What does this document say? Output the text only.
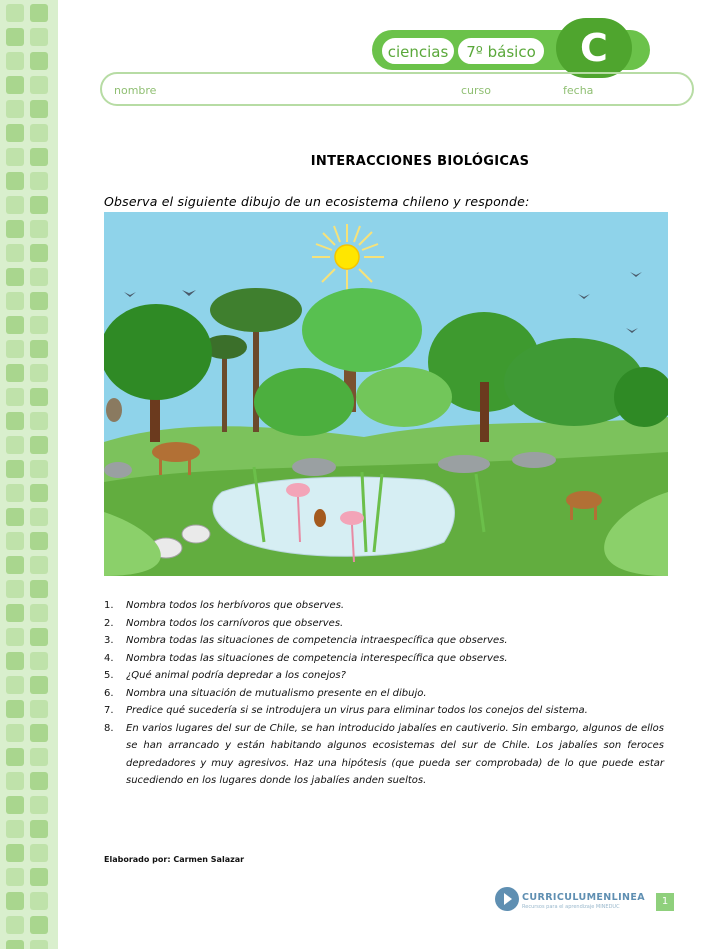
ciencias	7º básico	C
nombre	curso	fecha
INTERACCIONES BIOLÓGICAS
Observa el siguiente dibujo de un ecosistema chileno y responde:
1. Nombra todos los herbívoros que observes.
2. Nombra todos los carnívoros que observes.
3. Nombra todas las situaciones de competencia intraespecífica que observes.
4. Nombra todas las situaciones de competencia interespecífica que observes.
5. ¿Qué animal podría depredar a los conejos?
6. Nombra una situación de mutualismo presente en el dibujo.
7. Predice qué sucedería si se introdujera un virus para eliminar todos los conejos del sistema.
8. En varios lugares del sur de Chile, se han introducido jabalíes en cautiverio. Sin embargo, algunos de ellos se han arrancado y están habitando algunos ecosistemas del sur de Chile. Los jabalíes son feroces depredadores y muy agresivos. Haz una hipótesis (que pueda ser comprobada) de lo que puede estar sucediendo en los lugares donde los jabalíes anden sueltos.
Elaborado por: Carmen Salazar
CURRICULUMENLINEA
Recursos para el aprendizaje MINEDUC	1
